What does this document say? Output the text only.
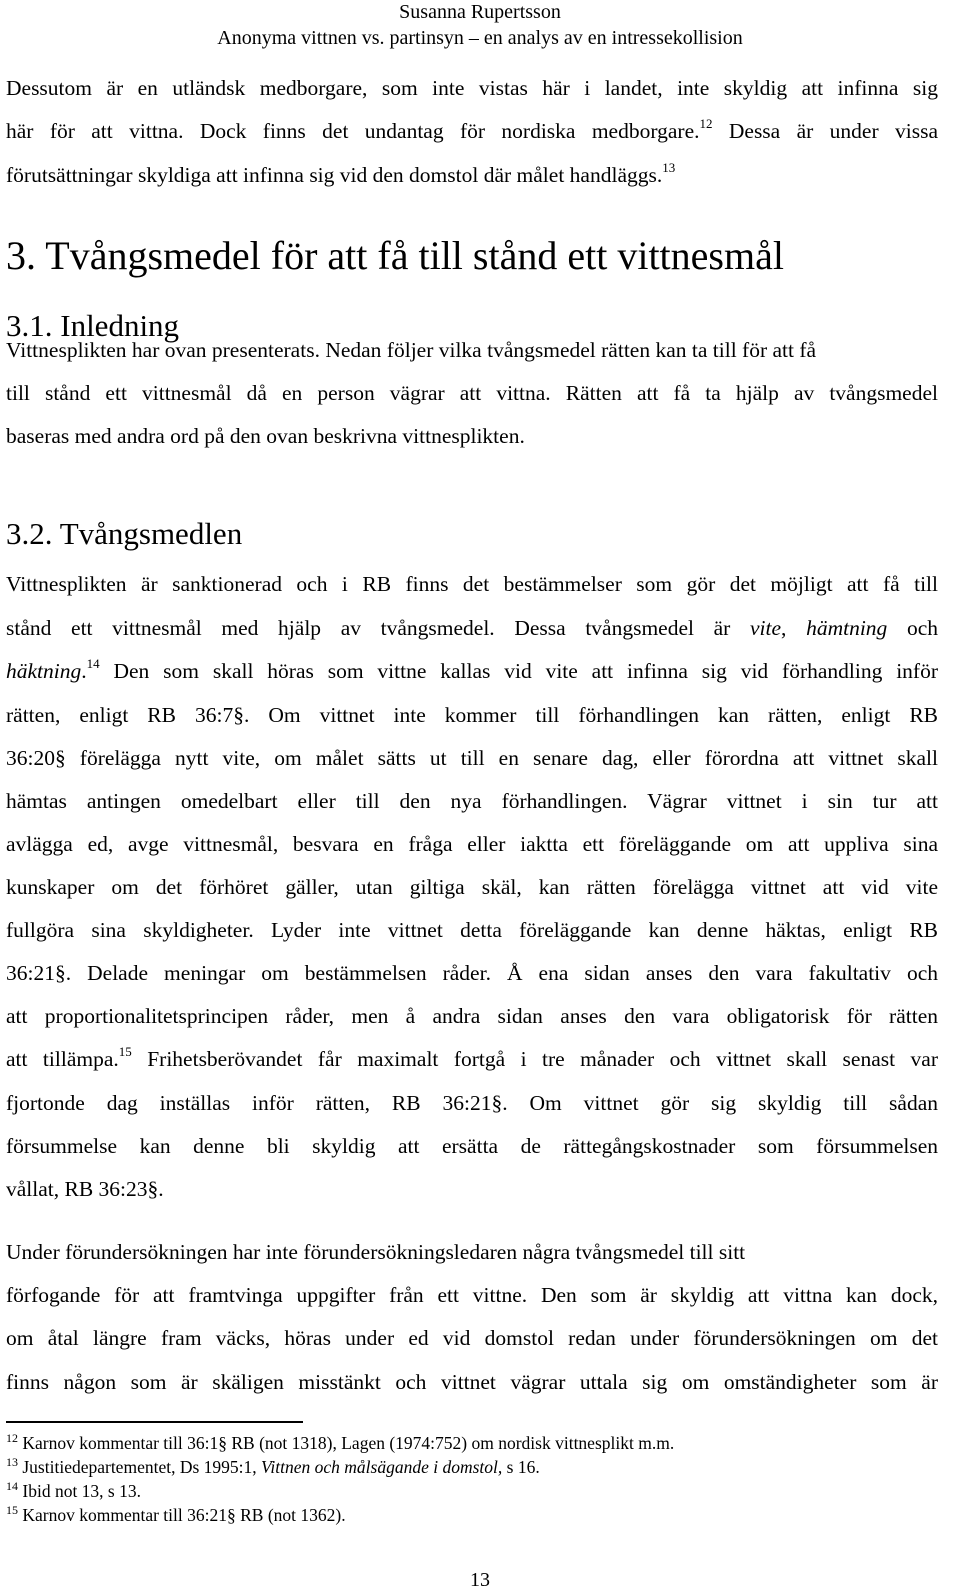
Susanna Rupertsson
Anonyma vittnen vs. partinsyn – en analys av en intressekollision
Dessutom är en utländsk medborgare, som inte vistas här i landet, inte skyldig att infinna sig
här för att vittna. Dock finns det undantag för nordiska medborgare.$^{12}$ Dessa är under vissa
förutsättningar skyldiga att infinna sig vid den domstol där målet handläggs.$^{13}$
3. Tvångsmedel för att få till stånd ett vittnesmål
3.1. Inledning
Vittnesplikten har ovan presenterats. Nedan följer vilka tvångsmedel rätten kan ta till för att få
till stånd ett vittnesmål då en person vägrar att vittna. Rätten att få ta hjälp av tvångsmedel
baseras med andra ord på den ovan beskrivna vittnesplikten.
3.2. Tvångsmedlen
Vittnesplikten är sanktionerad och i RB finns det bestämmelser som gör det möjligt att få till
stånd ett vittnesmål med hjälp av tvångsmedel. Dessa tvångsmedel är vite, hämtning och
häktning.$^{14}$ Den som skall höras som vittne kallas vid vite att infinna sig vid förhandling inför
rätten, enligt RB 36:7§. Om vittnet inte kommer till förhandlingen kan rätten, enligt RB
36:20§ förelägga nytt vite, om målet sätts ut till en senare dag, eller förordna att vittnet skall
hämtas antingen omedelbart eller till den nya förhandlingen. Vägrar vittnet i sin tur att
avlägga ed, avge vittnesmål, besvara en fråga eller iaktta ett föreläggande om att uppliva sina
kunskaper om det förhöret gäller, utan giltiga skäl, kan rätten förelägga vittnet att vid vite
fullgöra sina skyldigheter. Lyder inte vittnet detta föreläggande kan denne häktas, enligt RB
36:21§. Delade meningar om bestämmelsen råder. Å ena sidan anses den vara fakultativ och
att proportionalitetsprincipen råder, men å andra sidan anses den vara obligatorisk för rätten
att tillämpa.$^{15}$ Frihetsberövandet får maximalt fortgå i tre månader och vittnet skall senast var
fjortonde dag inställas inför rätten, RB 36:21§. Om vittnet gör sig skyldig till sådan
försummelse kan denne bli skyldig att ersätta de rättegångskostnader som försummelsen
vållat, RB 36:23§.
Under förundersökningen har inte förundersökningsledaren några tvångsmedel till sitt
förfogande för att framtvinga uppgifter från ett vittne. Den som är skyldig att vittna kan dock,
om åtal längre fram väcks, höras under ed vid domstol redan under förundersökningen om det
finns någon som är skäligen misstänkt och vittnet vägrar uttala sig om omständigheter som är
$^{12}$ Karnov kommentar till 36:1§ RB (not 1318), Lagen (1974:752) om nordisk vittnesplikt m.m.
$^{13}$ Justitiedepartementet, Ds 1995:1, Vittnen och målsägande i domstol, s 16.
$^{14}$ Ibid not 13, s 13.
$^{15}$ Karnov kommentar till 36:21§ RB (not 1362).
13
